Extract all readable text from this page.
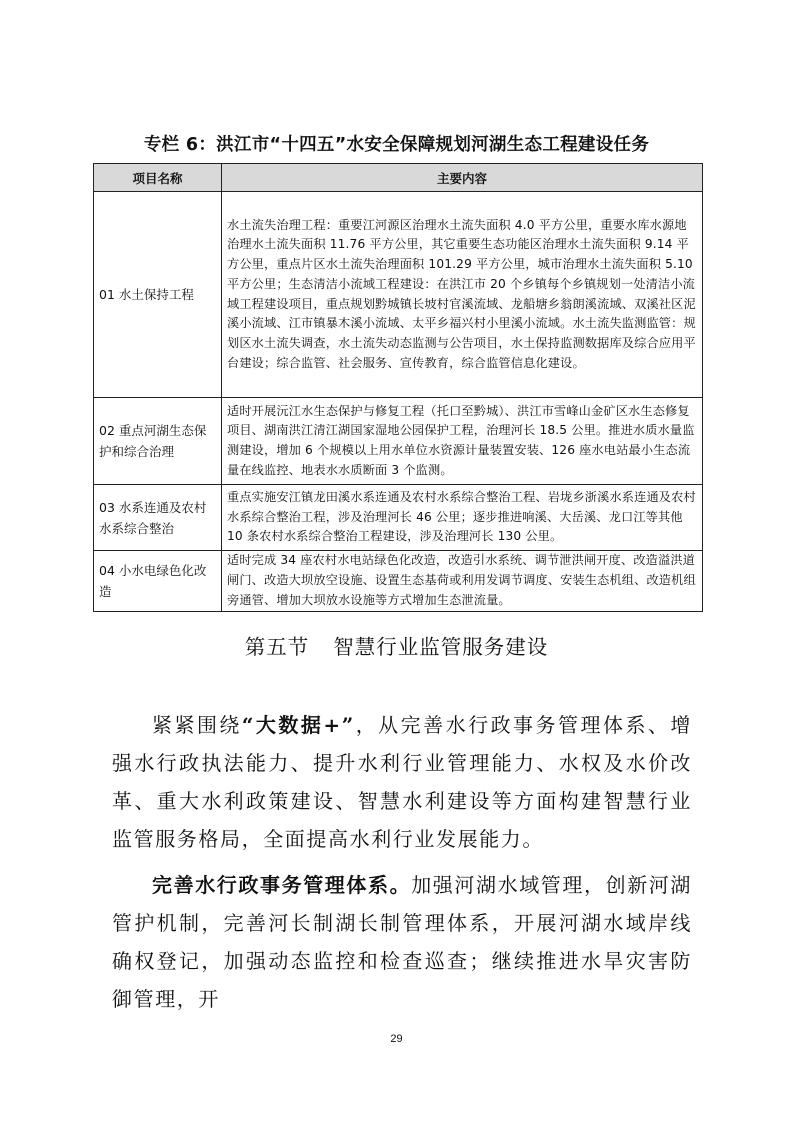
专栏 6：洪江市“十四五”水安全保障规划河湖生态工程建设任务
项目名称	主要内容
01 水土保持工程	水土流失治理工程：重要江河源区治理水土流失面积 4.0 平方公里，重要水库水源地治理水土流失面积 11.76 平方公里，其它重要生态功能区治理水土流失面积 9.14 平方公里，重点片区水土流失治理面积 101.29 平方公里，城市治理水土流失面积 5.10 平方公里；生态清洁小流域工程建设：在洪江市 20 个乡镇每个乡镇规划一处清洁小流域工程建设项目，重点规划黔城镇长坡村官溪流域、龙船塘乡翁朗溪流域、双溪社区泥溪小流域、江市镇暴木溪小流域、太平乡福兴村小里溪小流域。水土流失监测监管：规划区水土流失调查，水土流失动态监测与公告项目，水土保持监测数据库及综合应用平台建设；综合监管、社会服务、宣传教育，综合监管信息化建设。
02 重点河湖生态保护和综合治理	适时开展沅江水生态保护与修复工程（托口至黔城）、洪江市雪峰山金矿区水生态修复项目、湖南洪江清江湖国家湿地公园保护工程，治理河长 18.5 公里。推进水质水量监测建设，增加 6 个规模以上用水单位水资源计量装置安装、126 座水电站最小生态流量在线监控、地表水水质断面 3 个监测。
03 水系连通及农村水系综合整治	重点实施安江镇龙田溪水系连通及农村水系综合整治工程、岩垅乡浙溪水系连通及农村水系综合整治工程，涉及治理河长 46 公里；逐步推进响溪、大岳溪、龙口江等其他 10 条农村水系综合整治工程建设，涉及治理河长 130 公里。
04 小水电绿色化改造	适时完成 34 座农村水电站绿色化改造，改造引水系统、调节泄洪闸开度、改造溢洪道闸门、改造大坝放空设施、设置生态基荷或利用发调节调度、安装生态机组、改造机组旁通管、增加大坝放水设施等方式增加生态泄流量。
第五节 智慧行业监管服务建设

紧紧围绕“大数据+”，从完善水行政事务管理体系、增强水行政执法能力、提升水利行业管理能力、水权及水价改革、重大水利政策建设、智慧水利建设等方面构建智慧行业监管服务格局，全面提高水利行业发展能力。

完善水行政事务管理体系。加强河湖水域管理，创新河湖管护机制，完善河长制湖长制管理体系，开展河湖水域岸线确权登记，加强动态监控和检查巡查；继续推进水旱灾害防御管理，开

29
